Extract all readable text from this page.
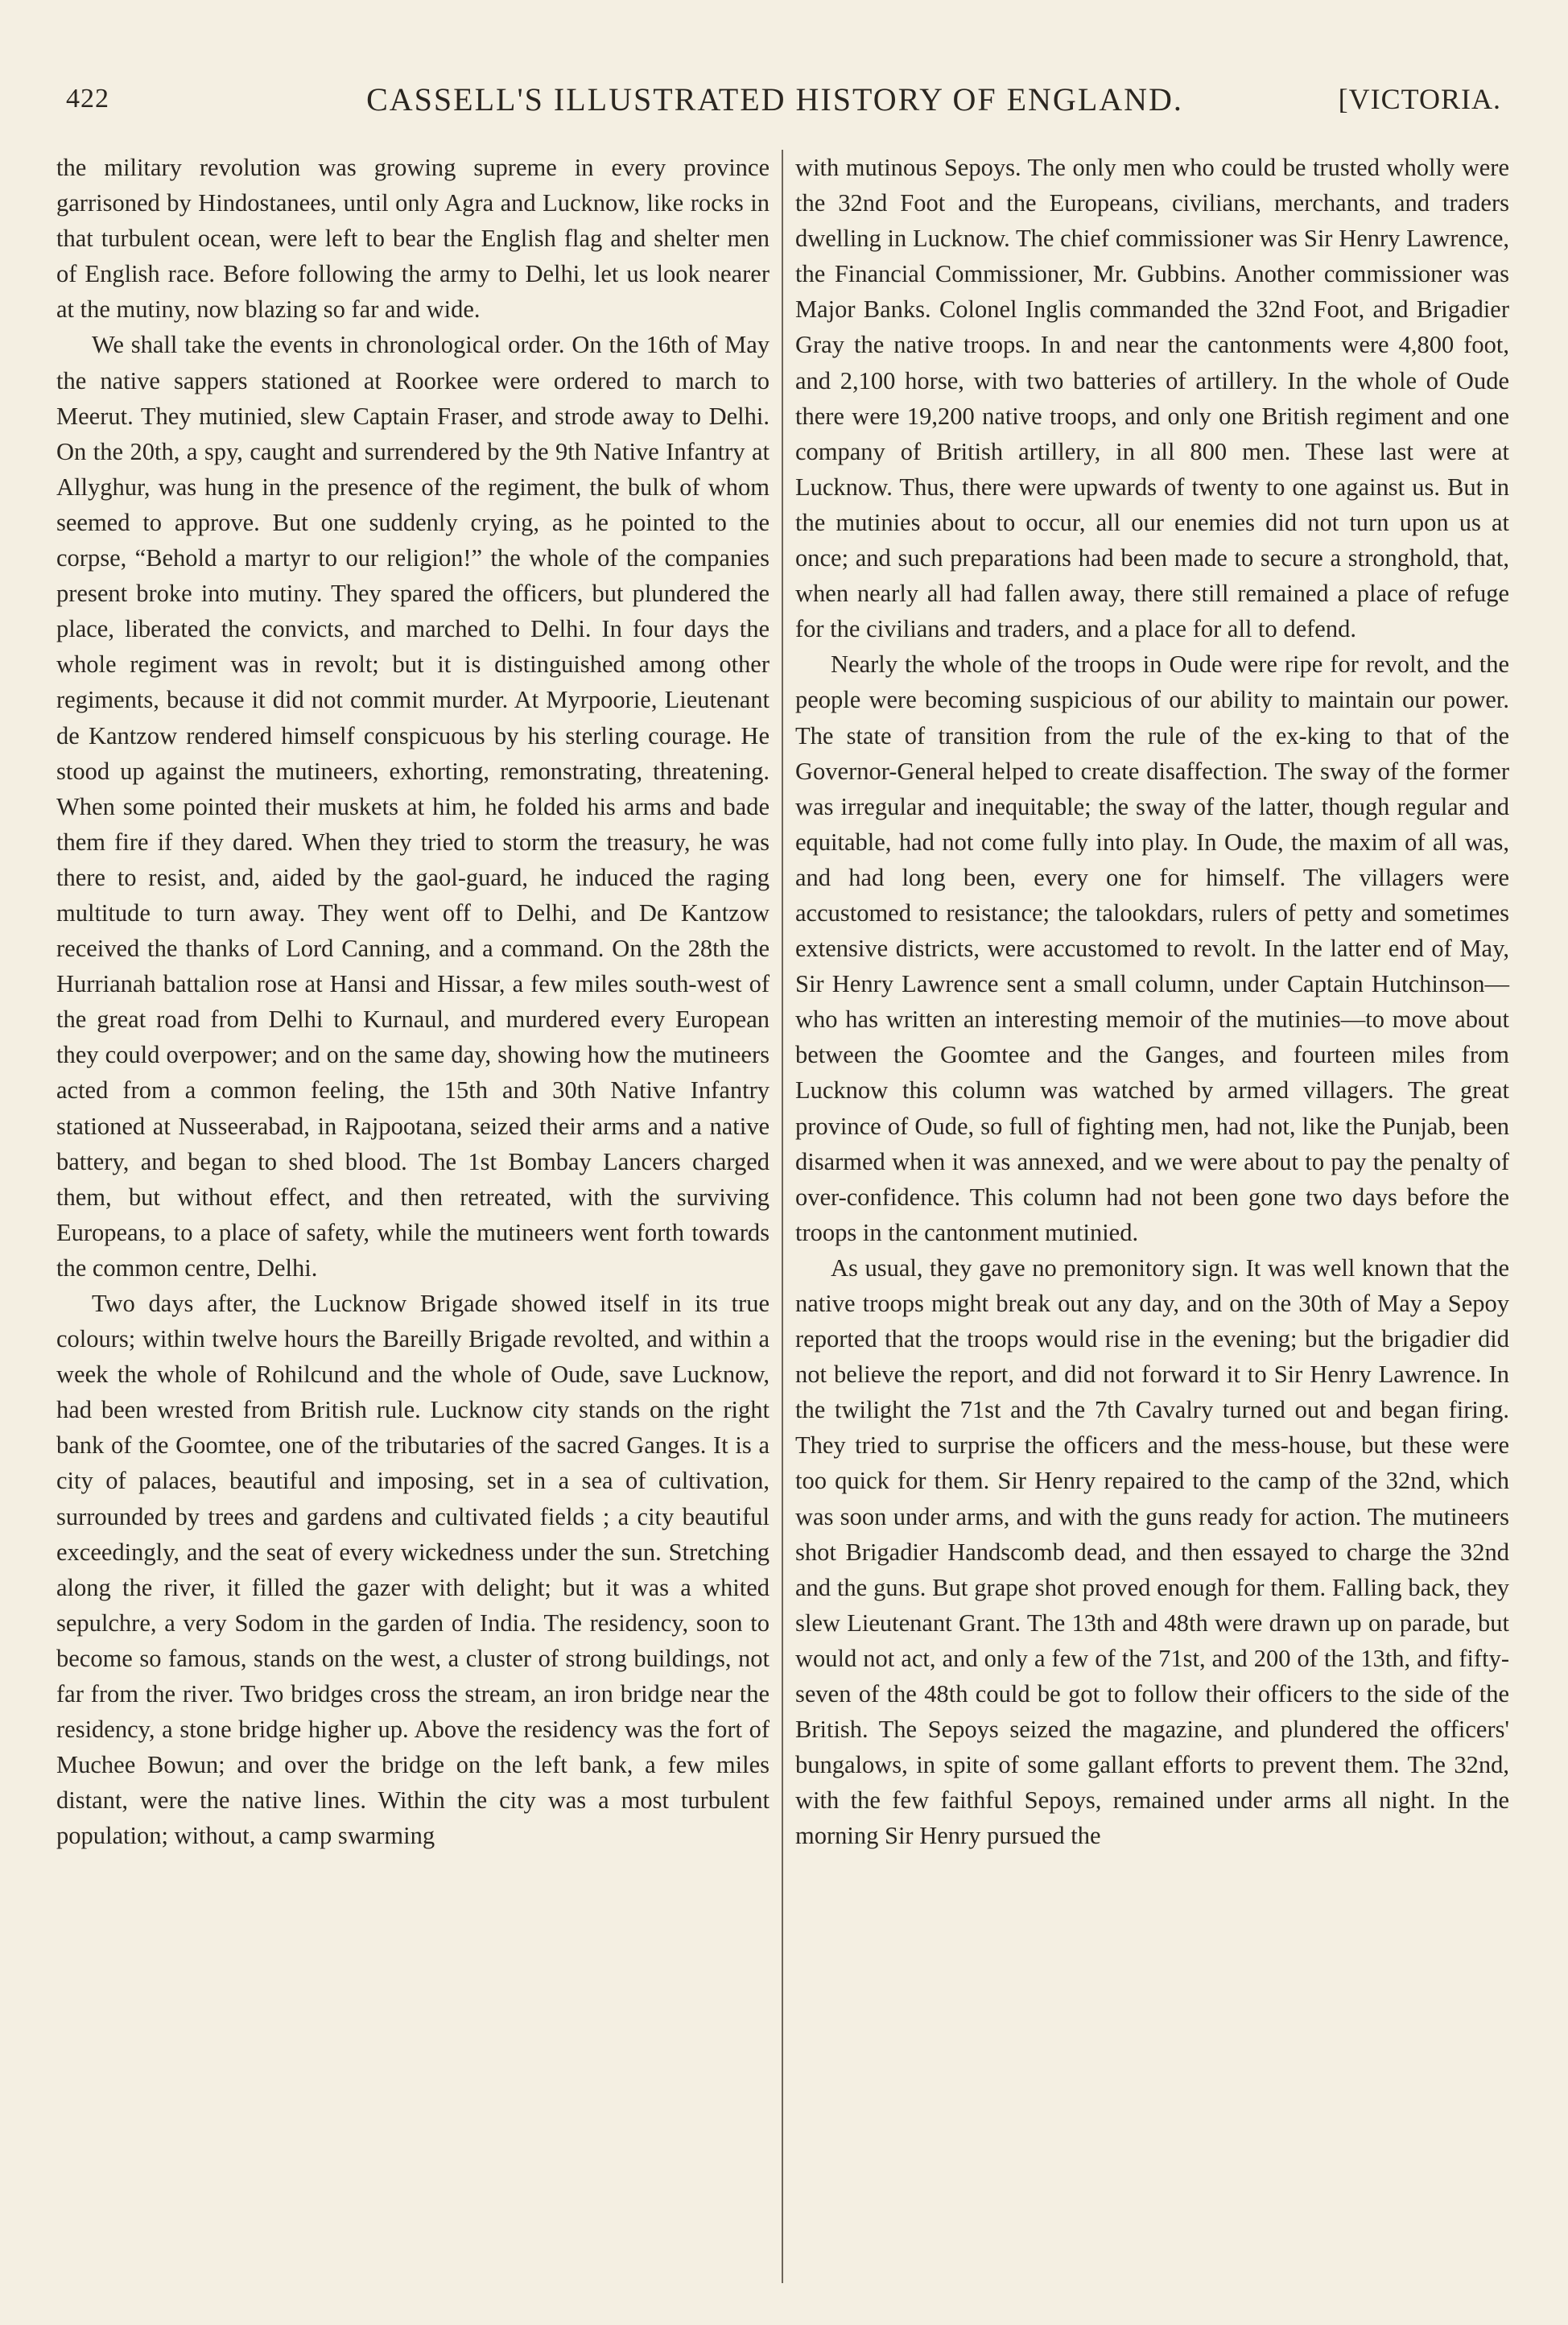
422	CASSELL'S ILLUSTRATED HISTORY OF ENGLAND.	[VICTORIA.

the military revolution was growing supreme in every province garrisoned by Hindostanees, until only Agra and Lucknow, like rocks in that turbulent ocean, were left to bear the English flag and shelter men of English race. Before following the army to Delhi, let us look nearer at the mutiny, now blazing so far and wide.

We shall take the events in chronological order. On the 16th of May the native sappers stationed at Roorkee were ordered to march to Meerut. They mutinied, slew Captain Fraser, and strode away to Delhi. On the 20th, a spy, caught and surrendered by the 9th Native Infantry at Allyghur, was hung in the presence of the regiment, the bulk of whom seemed to approve. But one suddenly crying, as he pointed to the corpse, “Behold a martyr to our religion!” the whole of the companies present broke into mutiny. They spared the officers, but plundered the place, liberated the convicts, and marched to Delhi. In four days the whole regiment was in revolt; but it is distinguished among other regiments, because it did not commit murder. At Myrpoorie, Lieutenant de Kantzow rendered himself conspicuous by his sterling courage. He stood up against the mutineers, exhorting, remonstrating, threatening. When some pointed their muskets at him, he folded his arms and bade them fire if they dared. When they tried to storm the treasury, he was there to resist, and, aided by the gaol-guard, he induced the raging multitude to turn away. They went off to Delhi, and De Kantzow received the thanks of Lord Canning, and a command. On the 28th the Hurrianah battalion rose at Hansi and Hissar, a few miles south-west of the great road from Delhi to Kurnaul, and murdered every European they could overpower; and on the same day, showing how the mutineers acted from a common feeling, the 15th and 30th Native Infantry stationed at Nusseerabad, in Rajpootana, seized their arms and a native battery, and began to shed blood. The 1st Bombay Lancers charged them, but without effect, and then retreated, with the surviving Europeans, to a place of safety, while the mutineers went forth towards the common centre, Delhi.

Two days after, the Lucknow Brigade showed itself in its true colours; within twelve hours the Bareilly Brigade revolted, and within a week the whole of Rohilcund and the whole of Oude, save Lucknow, had been wrested from British rule. Lucknow city stands on the right bank of the Goomtee, one of the tributaries of the sacred Ganges. It is a city of palaces, beautiful and imposing, set in a sea of cultivation, surrounded by trees and gardens and cultivated fields ; a city beautiful exceedingly, and the seat of every wickedness under the sun. Stretching along the river, it filled the gazer with delight; but it was a whited sepulchre, a very Sodom in the garden of India. The residency, soon to become so famous, stands on the west, a cluster of strong buildings, not far from the river. Two bridges cross the stream, an iron bridge near the residency, a stone bridge higher up. Above the residency was the fort of Muchee Bowun; and over the bridge on the left bank, a few miles distant, were the native lines. Within the city was a most turbulent population; without, a camp swarming

with mutinous Sepoys. The only men who could be trusted wholly were the 32nd Foot and the Europeans, civilians, merchants, and traders dwelling in Lucknow. The chief commissioner was Sir Henry Lawrence, the Financial Commissioner, Mr. Gubbins. Another commissioner was Major Banks. Colonel Inglis commanded the 32nd Foot, and Brigadier Gray the native troops. In and near the cantonments were 4,800 foot, and 2,100 horse, with two batteries of artillery. In the whole of Oude there were 19,200 native troops, and only one British regiment and one company of British artillery, in all 800 men. These last were at Lucknow. Thus, there were upwards of twenty to one against us. But in the mutinies about to occur, all our enemies did not turn upon us at once; and such preparations had been made to secure a stronghold, that, when nearly all had fallen away, there still remained a place of refuge for the civilians and traders, and a place for all to defend.

Nearly the whole of the troops in Oude were ripe for revolt, and the people were becoming suspicious of our ability to maintain our power. The state of transition from the rule of the ex-king to that of the Governor-General helped to create disaffection. The sway of the former was irregular and inequitable; the sway of the latter, though regular and equitable, had not come fully into play. In Oude, the maxim of all was, and had long been, every one for himself. The villagers were accustomed to resistance; the talookdars, rulers of petty and sometimes extensive districts, were accustomed to revolt. In the latter end of May, Sir Henry Lawrence sent a small column, under Captain Hutchinson—who has written an interesting memoir of the mutinies—to move about between the Goomtee and the Ganges, and fourteen miles from Lucknow this column was watched by armed villagers. The great province of Oude, so full of fighting men, had not, like the Punjab, been disarmed when it was annexed, and we were about to pay the penalty of over-confidence. This column had not been gone two days before the troops in the cantonment mutinied.

As usual, they gave no premonitory sign. It was well known that the native troops might break out any day, and on the 30th of May a Sepoy reported that the troops would rise in the evening; but the brigadier did not believe the report, and did not forward it to Sir Henry Lawrence. In the twilight the 71st and the 7th Cavalry turned out and began firing. They tried to surprise the officers and the mess-house, but these were too quick for them. Sir Henry repaired to the camp of the 32nd, which was soon under arms, and with the guns ready for action. The mutineers shot Brigadier Handscomb dead, and then essayed to charge the 32nd and the guns. But grape shot proved enough for them. Falling back, they slew Lieutenant Grant. The 13th and 48th were drawn up on parade, but would not act, and only a few of the 71st, and 200 of the 13th, and fifty-seven of the 48th could be got to follow their officers to the side of the British. The Sepoys seized the magazine, and plundered the officers' bungalows, in spite of some gallant efforts to prevent them. The 32nd, with the few faithful Sepoys, remained under arms all night. In the morning Sir Henry pursued the
